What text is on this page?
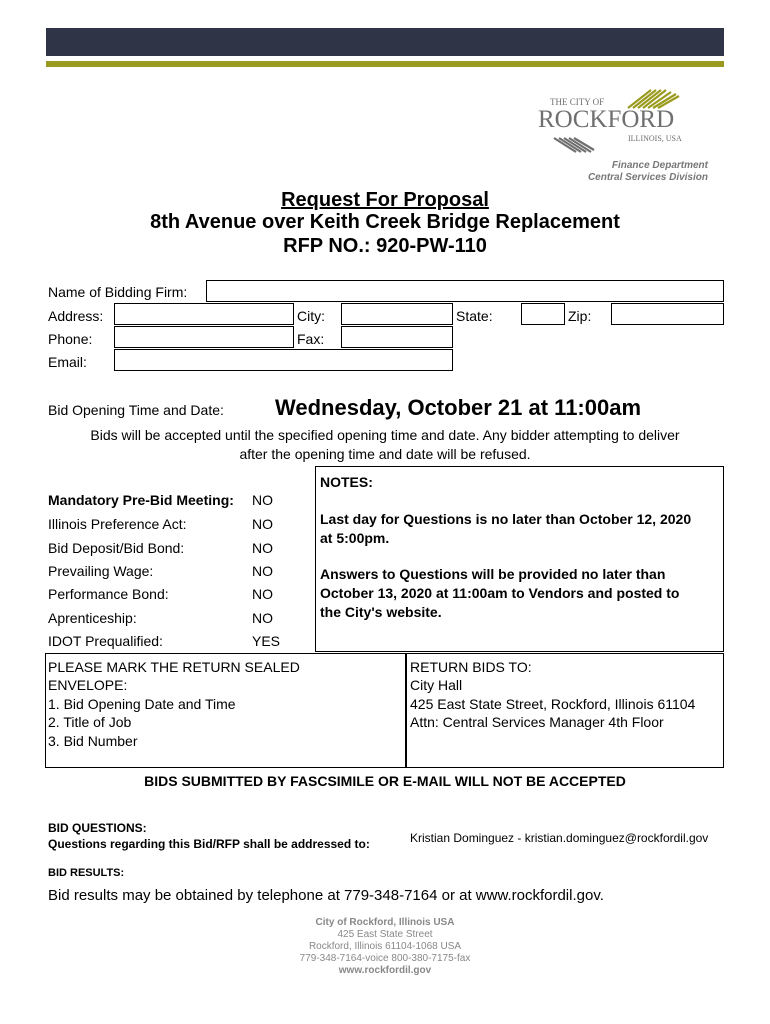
THE CITY OF
ROCKFORD
ILLINOIS, USA
Finance Department
Central Services Division
Request For Proposal
8th Avenue over Keith Creek Bridge Replacement
RFP NO.: 920-PW-110
Name of Bidding Firm:
Address:	City:	State:	Zip:
Phone:	Fax:
Email:
Bid Opening Time and Date: Wednesday, October 21 at 11:00am
Bids will be accepted until the specified opening time and date. Any bidder attempting to deliver
after the opening time and date will be refused.
Mandatory Pre-Bid Meeting: NO
Illinois Preference Act:	NO
Bid Deposit/Bid Bond:	NO
Prevailing Wage:	NO
Performance Bond:	NO
Aprenticeship:	NO
IDOT Prequalified:	YES
NOTES:
Last day for Questions is no later than October 12, 2020
at 5:00pm.
Answers to Questions will be provided no later than
October 13, 2020 at 11:00am to Vendors and posted to
the City's website.
PLEASE MARK THE RETURN SEALED
ENVELOPE:
1. Bid Opening Date and Time
2. Title of Job
3. Bid Number
RETURN BIDS TO:
City Hall
425 East State Street, Rockford, Illinois 61104
Attn: Central Services Manager 4th Floor
BIDS SUBMITTED BY FASCSIMILE OR E-MAIL WILL NOT BE ACCEPTED
BID QUESTIONS:
Questions regarding this Bid/RFP shall be addressed to:	Kristian Dominguez - kristian.dominguez@rockfordil.gov
BID RESULTS:
Bid results may be obtained by telephone at 779-348-7164 or at www.rockfordil.gov.
City of Rockford, Illinois USA
425 East State Street
Rockford, Illinois 61104-1068 USA
779-348-7164-voice 800-380-7175-fax
www.rockfordil.gov
